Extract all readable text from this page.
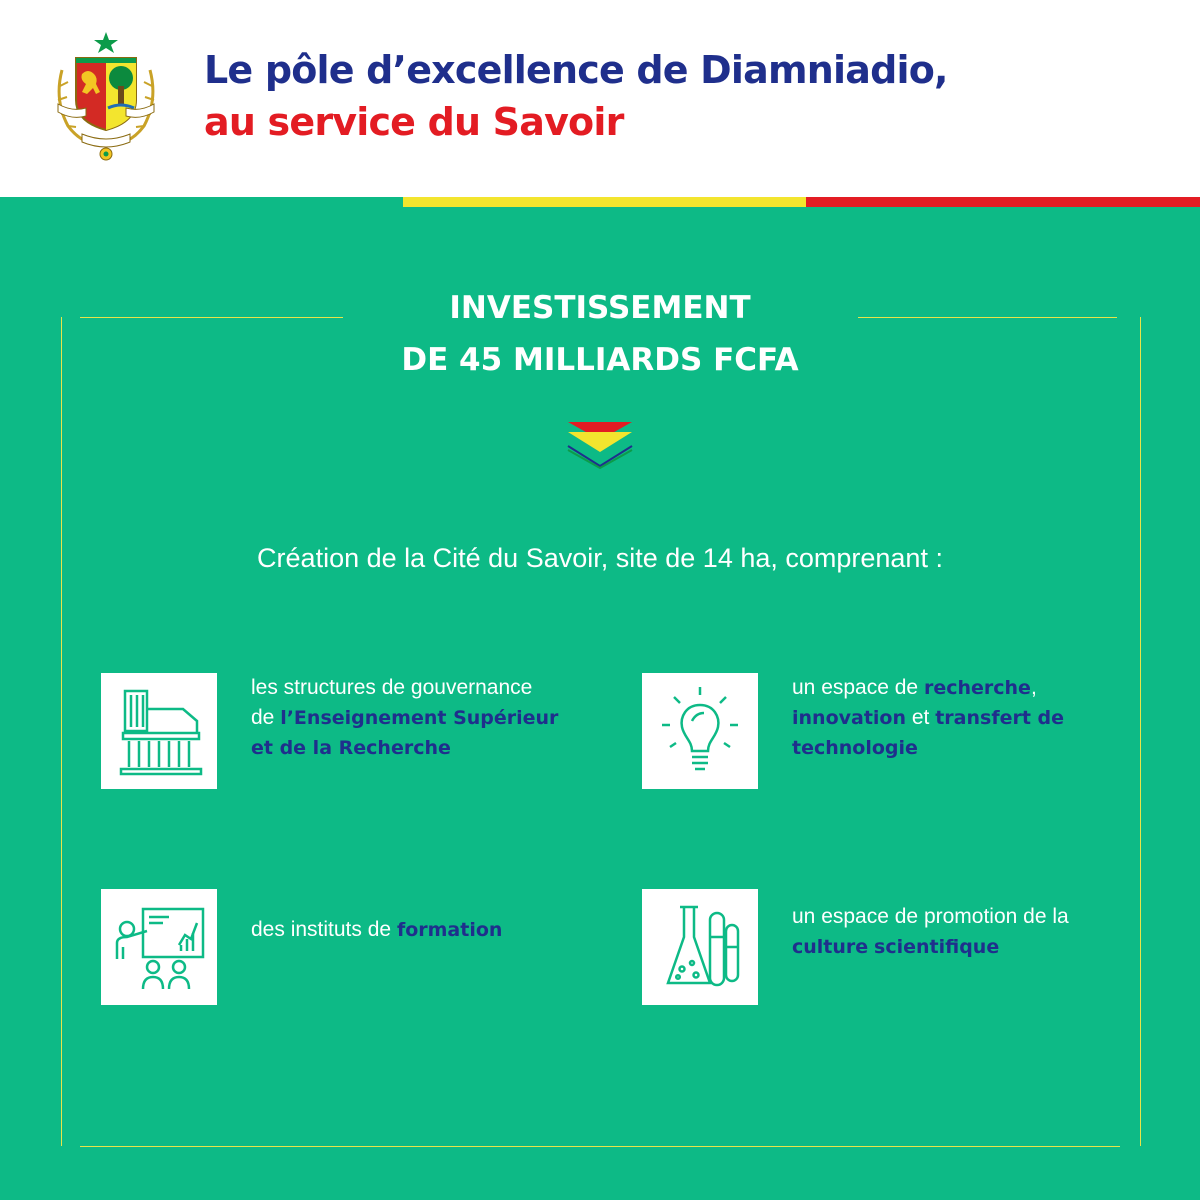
Le pôle d’excellence de Diamniadio,
au service du Savoir
INVESTISSEMENT
DE 45 MILLIARDS FCFA

Création de la Cité du Savoir, site de 14 ha, comprenant :

les structures de gouvernance de l’Enseignement Supérieur et de la Recherche

un espace de recherche, innovation et transfert de technologie

des instituts de formation

un espace de promotion de la culture scientifique
